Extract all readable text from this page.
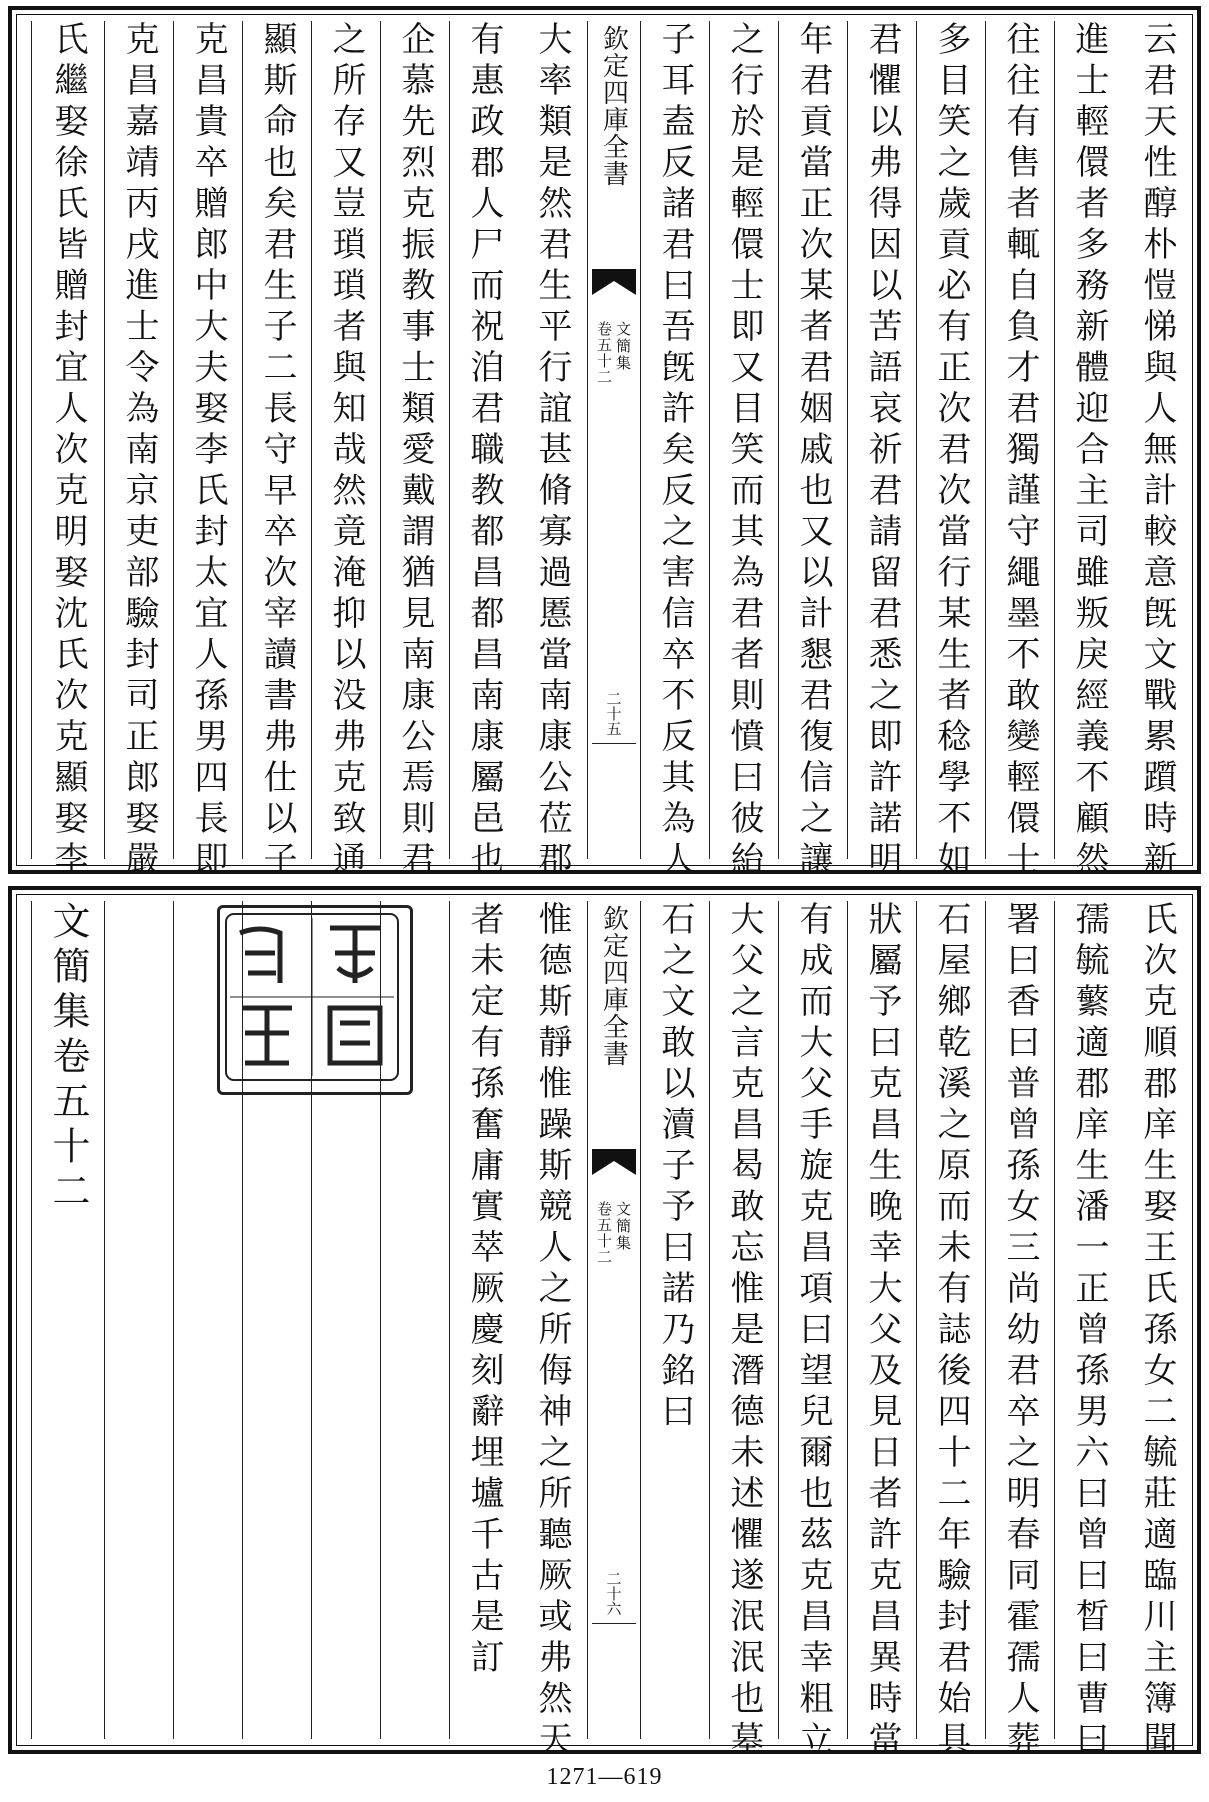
云君天性醇朴愷悌與人無計較意旣文戰累躓時新
進士輕儇者多務新體迎合主司雖叛戾經義不顧然
往往有售者輒自負才君獨謹守繩墨不敢變輕儇士
多目笑之歲貢必有正次君次當行某生者稔學不如
君懼以弗得因以苦語哀祈君請留君悉之即許諾明
年君貢當正次某者君姻戚也又以計懇君復信之讓
之行於是輕儇士即又目笑而其為君者則憤曰彼紿
子耳盍反諸君曰吾旣許矣反之害信卒不反其為人
欽定四庫全書
文簡集
卷五十二
二十五
大率類是然君生平行誼甚脩寡過慝當南康公莅郡
有惠政郡人尸而祝洎君職教都昌都昌南康屬邑也
企慕先烈克振教事士類愛戴謂猶見南康公焉則君
之所存又豈瑣瑣者與知哉然竟淹抑以没弗克致通
顯斯命也矣君生子二長守早卒次宰讀書弗仕以子
克昌貴卒贈郎中大夫娶李氏封太宜人孫男四長即
克昌嘉靖丙戌進士令為南京吏部驗封司正郎娶嚴
氏繼娶徐氏皆贈封宜人次克明娶沈氏次克顯娶李
氏次克順郡庠生娶王氏孫女二毓莊適臨川主簿聞
孺毓蘩適郡庠生潘一正曾孫男六曰曾曰晳曰曹曰
署曰香曰普曾孫女三尚幼君卒之明春同霍孺人葬
石屋鄉乾溪之原而未有誌後四十二年驗封君始具
狀屬予曰克昌生晚幸大父及見日者許克昌異時當
有成而大父手旋克昌項曰望兒爾也茲克昌幸粗立
大父之言克昌曷敢忘惟是潛德未述懼遂泯泯也墓
石之文敢以瀆子予曰諾乃銘曰
欽定四庫全書
文簡集
卷五十二
二十六
惟德斯靜惟躁斯競人之所侮神之所聽厥或弗然天
者未定有孫奮庸實萃厥慶刻辭埋壚千古是訂
文簡集卷五十二
1271—619
